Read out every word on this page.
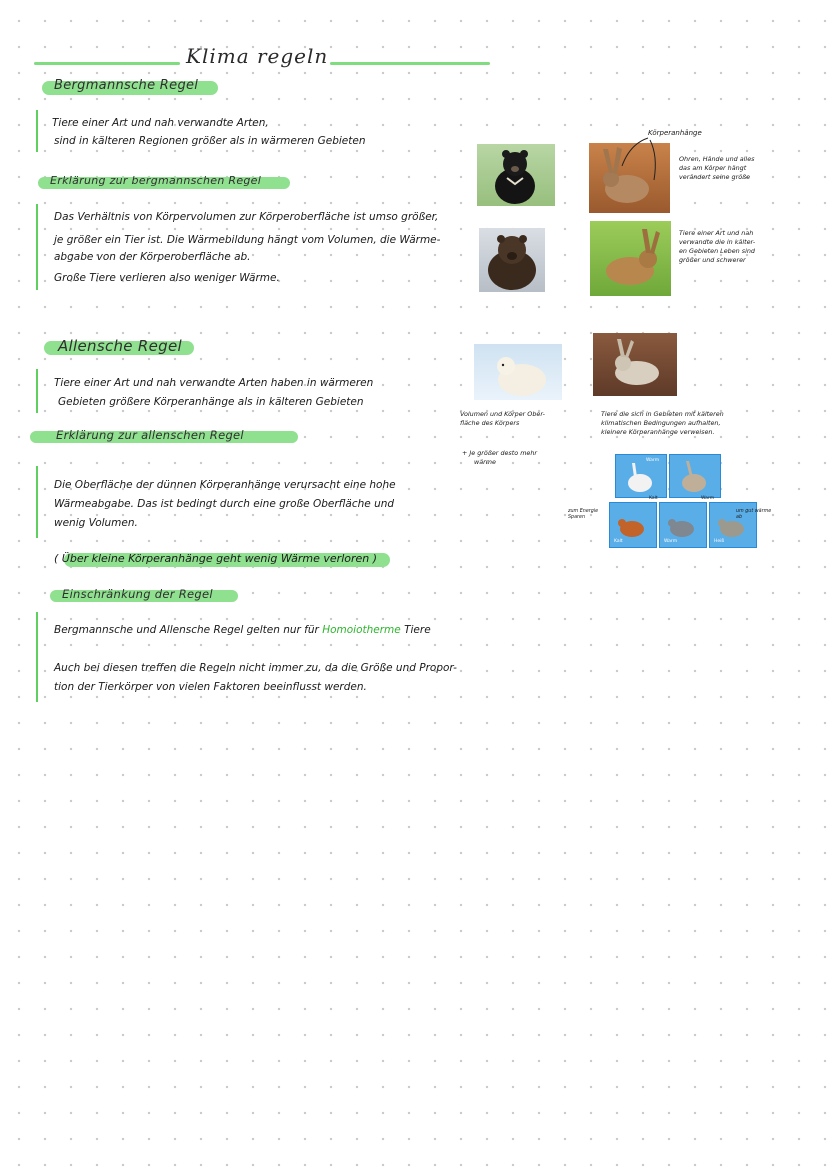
Klima regeln
Bergmannsche Regel
Tiere einer Art und nah verwandte Arten,
sind in kälteren Regionen größer als in wärmeren Gebieten
Erklärung zur bergmannschen Regel
Das Verhältnis von Körpervolumen zur Körperoberfläche ist umso größer,
je größer ein Tier ist. Die Wärmebildung hängt vom Volumen, die Wärme-
abgabe von der Körperoberfläche ab.
Große Tiere verlieren also weniger Wärme.
Allensche Regel
Tiere einer Art und nah verwandte Arten haben in wärmeren
Gebieten größere Körperanhänge als in kälteren Gebieten
Erklärung zur allenschen Regel
Die Oberfläche der dünnen Körperanhänge verursacht eine hohe
Wärmeabgabe. Das ist bedingt durch eine große Oberfläche und
wenig Volumen.
( Über kleine Körperanhänge geht wenig Wärme verloren )
Einschränkung der Regel
Bergmannsche und Allensche Regel gelten nur für Homoiotherme Tiere
Auch bei diesen treffen die Regeln nicht immer zu, da die Größe und Propor-
tion der Tierkörper von vielen Faktoren beeinflusst werden.
Körperanhänge
Ohren, Hände und alles
das am Körper hängt
verändert seine größe
Tiere einer Art und nah
verwandte die in kälter-
en Gebieten Leben sind
größer und schwerer
Volumen und Körper Ober-
fläche des Körpers
+ Je größer desto mehr
wärme
Tiere die sich in Gebieten mit kälteren
klimatischen Bedingungen aufhalten,
kleinere Körperanhänge verweisen.
Warm
Kalt	Warm	Heiß
Kalt	Warm
zum Energie
Sparen
um gut wärme
ab
